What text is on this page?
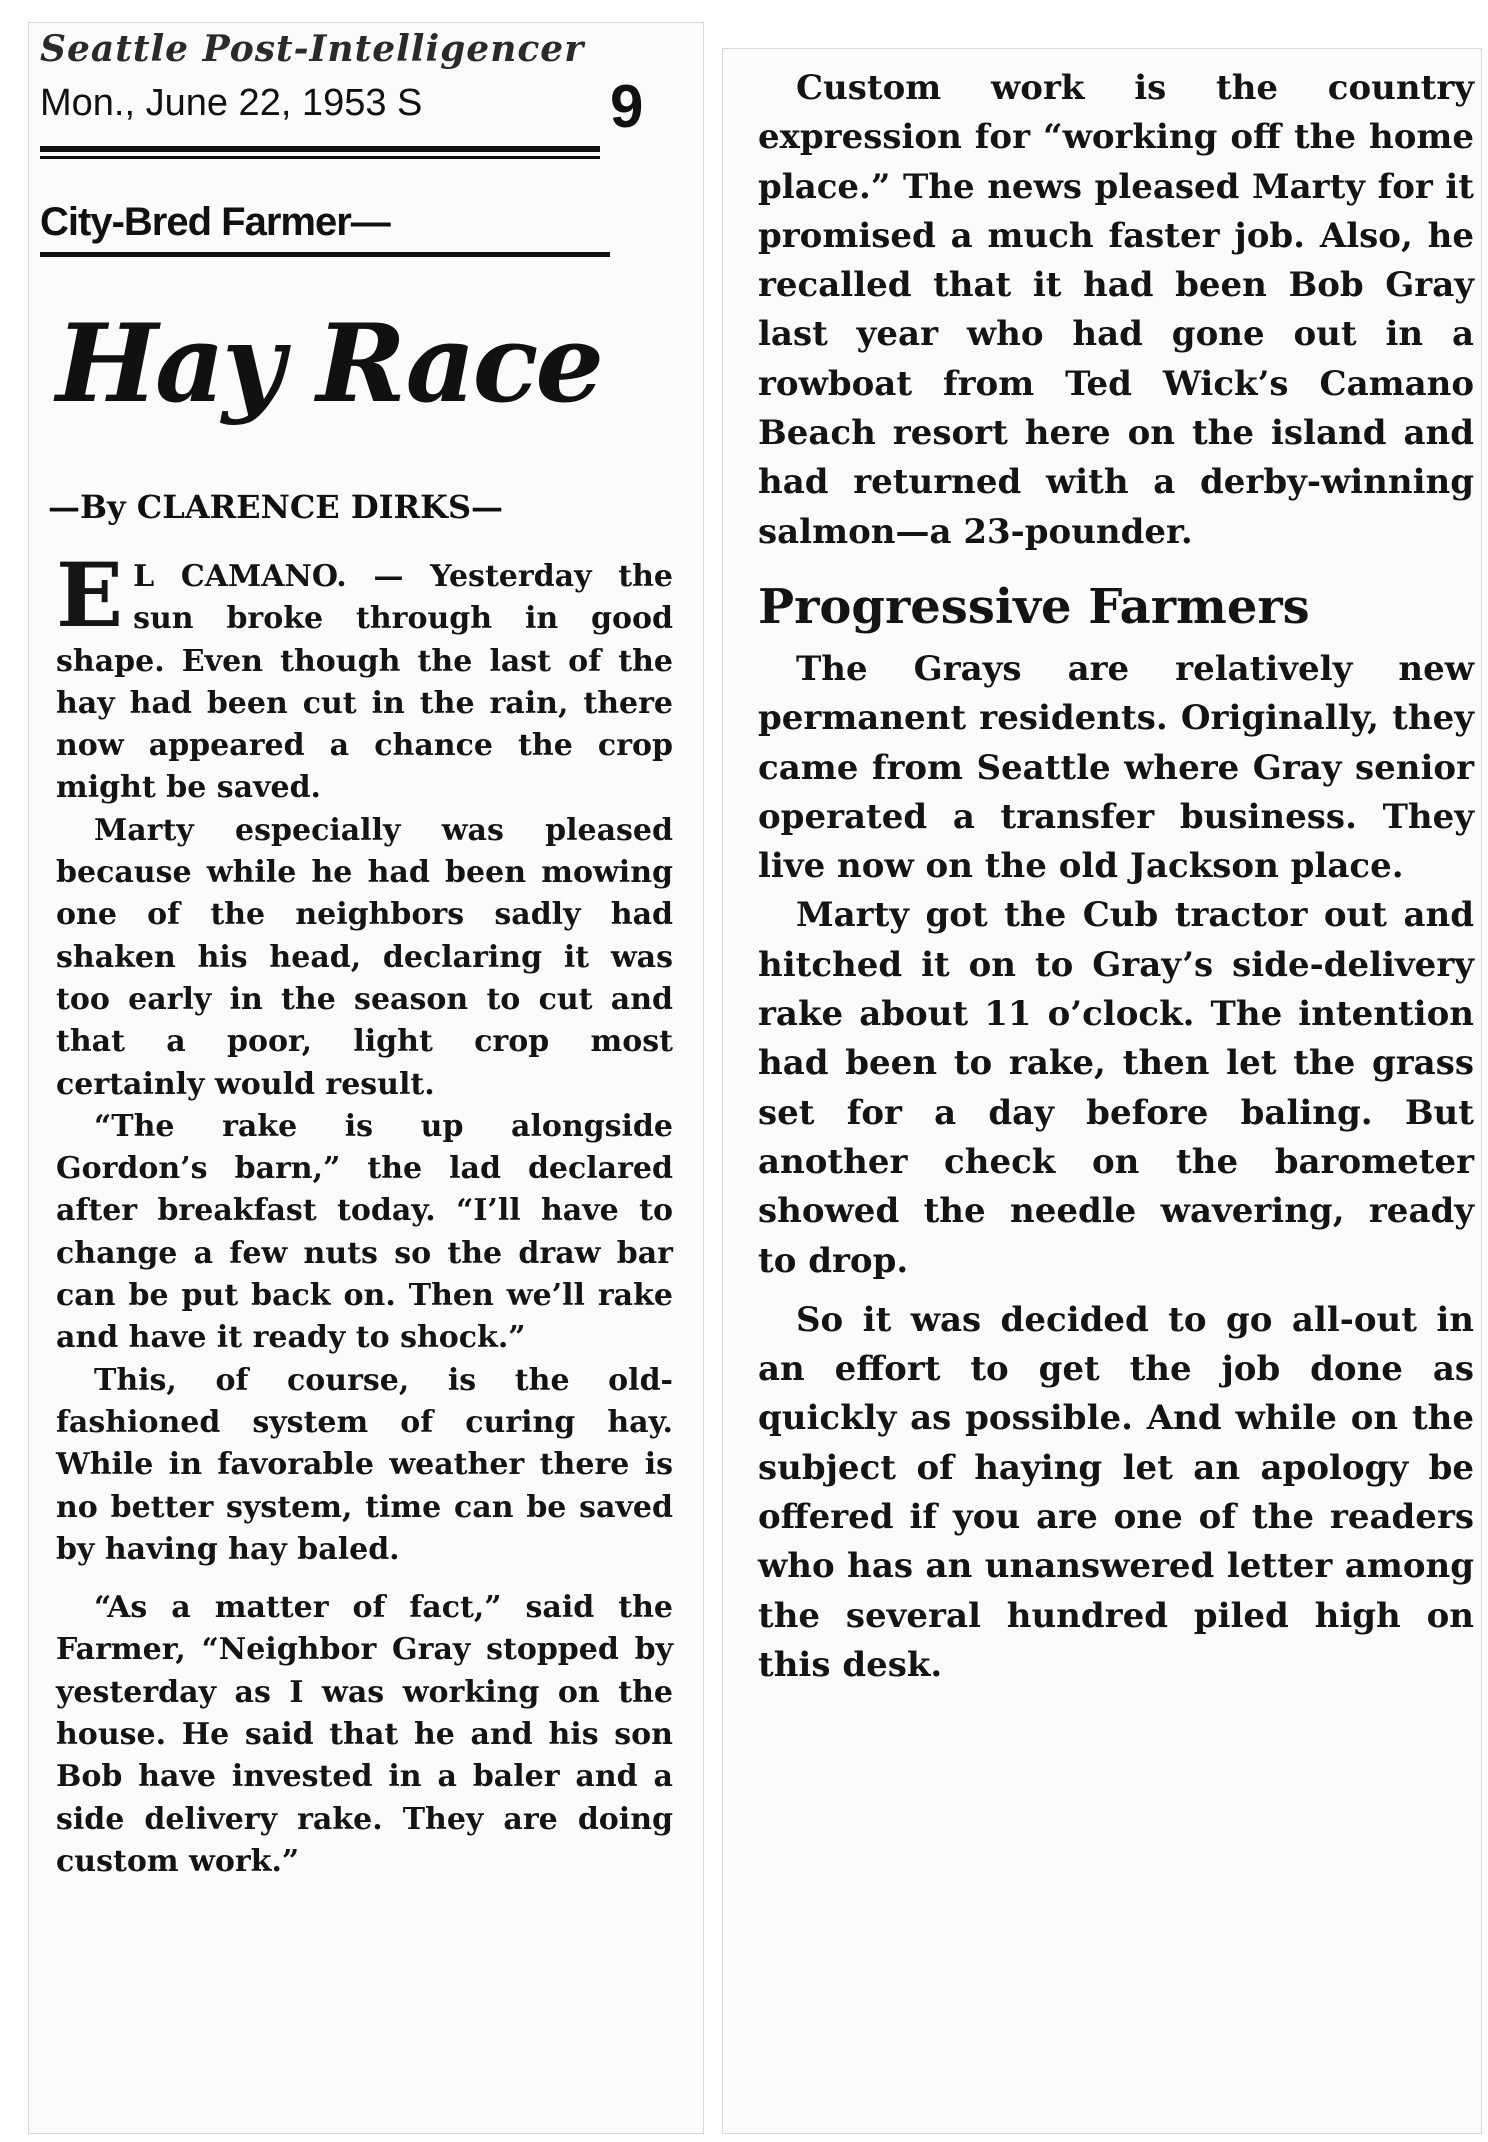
Seattle Post-Intelligencer
Mon., June 22, 1953 S	9
City-Bred Farmer—
Hay Race
—By CLARENCE DIRKS—

E L CAMANO. — Yesterday the sun broke through in good shape. Even though the last of the hay had been cut in the rain, there now appeared a chance the crop might be saved.

Marty especially was pleased because while he had been mowing one of the neighbors sadly had shaken his head, declaring it was too early in the season to cut and that a poor, light crop most certainly would result.

“The rake is up alongside Gordon’s barn,” the lad declared after breakfast today. “I’ll have to change a few nuts so the draw bar can be put back on. Then we’ll rake and have it ready to shock.”

This, of course, is the old-fashioned system of curing hay. While in favorable weather there is no better system, time can be saved by having hay baled.

“As a matter of fact,” said the Farmer, “Neighbor Gray stopped by yesterday as I was working on the house. He said that he and his son Bob have invested in a baler and a side delivery rake. They are doing custom work.”

Custom work is the country expression for “working off the home place.” The news pleased Marty for it promised a much faster job. Also, he recalled that it had been Bob Gray last year who had gone out in a rowboat from Ted Wick’s Camano Beach resort here on the island and had returned with a derby-winning salmon—a 23-pounder.

Progressive Farmers

The Grays are relatively new permanent residents. Originally, they came from Seattle where Gray senior operated a transfer business. They live now on the old Jackson place.

Marty got the Cub tractor out and hitched it on to Gray’s side-delivery rake about 11 o’clock. The intention had been to rake, then let the grass set for a day before baling. But another check on the barometer showed the needle wavering, ready to drop.

So it was decided to go all-out in an effort to get the job done as quickly as possible. And while on the subject of haying let an apology be offered if you are one of the readers who has an unanswered letter among the several hundred piled high on this desk.
